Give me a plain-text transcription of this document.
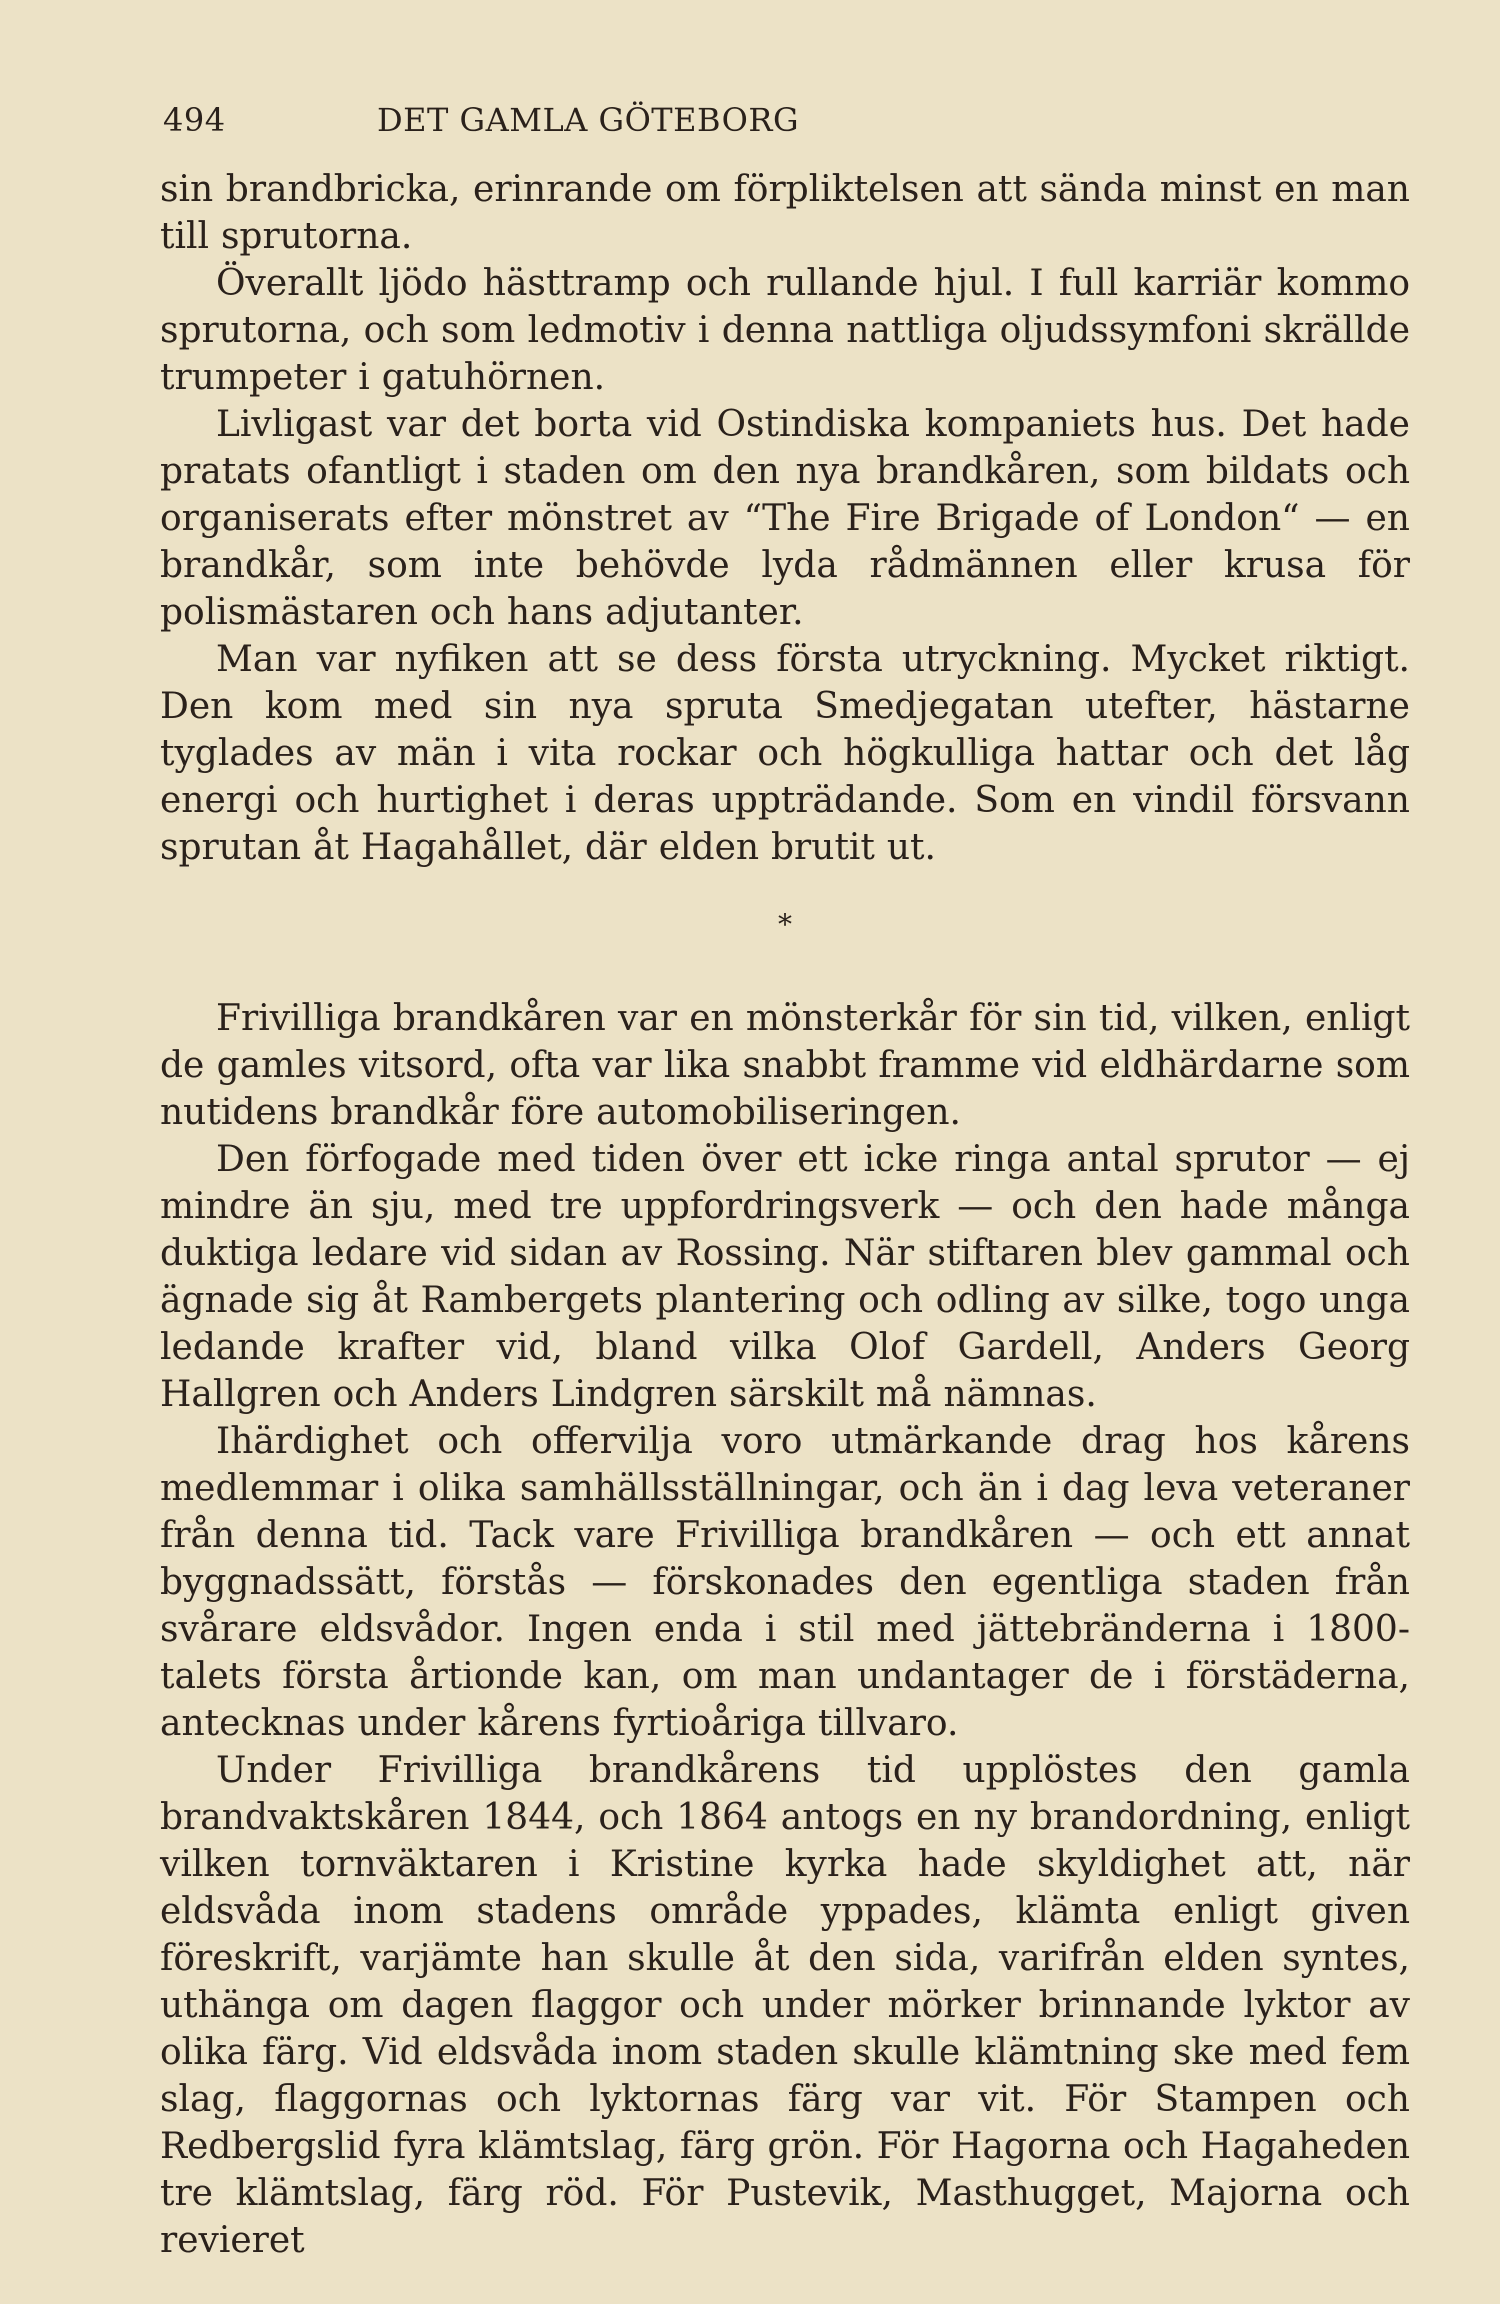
494	DET GAMLA GÖTEBORG

sin brandbricka, erinrande om förpliktelsen att sända minst en man till sprutorna.

Överallt ljödo hästtramp och rullande hjul. I full karriär kommo sprutorna, och som ledmotiv i denna nattliga oljudssymfoni skrällde trumpeter i gatuhörnen.

Livligast var det borta vid Ostindiska kompaniets hus. Det hade pratats ofantligt i staden om den nya brandkåren, som bildats och organiserats efter mönstret av “The Fire Brigade of London“ — en brandkår, som inte behövde lyda rådmännen eller krusa för polismästaren och hans adjutanter.

Man var nyfiken att se dess första utryckning. Mycket riktigt. Den kom med sin nya spruta Smedjegatan utefter, hästarne tyglades av män i vita rockar och högkulliga hattar och det låg energi och hurtighet i deras uppträdande. Som en vindil försvann sprutan åt Hagahållet, där elden brutit ut.

*

Frivilliga brandkåren var en mönsterkår för sin tid, vilken, enligt de gamles vitsord, ofta var lika snabbt framme vid eldhärdarne som nutidens brandkår före automobiliseringen.

Den förfogade med tiden över ett icke ringa antal sprutor — ej mindre än sju, med tre uppfordringsverk — och den hade många duktiga ledare vid sidan av Rossing. När stiftaren blev gammal och ägnade sig åt Rambergets plantering och odling av silke, togo unga ledande krafter vid, bland vilka Olof Gardell, Anders Georg Hallgren och Anders Lindgren särskilt må nämnas.

Ihärdighet och offervilja voro utmärkande drag hos kårens medlemmar i olika samhällsställningar, och än i dag leva veteraner från denna tid. Tack vare Frivilliga brandkåren — och ett annat byggnadssätt, förstås — förskonades den egentliga staden från svårare eldsvådor. Ingen enda i stil med jättebränderna i 1800-talets första årtionde kan, om man undantager de i förstäderna, antecknas under kårens fyrtioåriga tillvaro.

Under Frivilliga brandkårens tid upplöstes den gamla brandvaktskåren 1844, och 1864 antogs en ny brandordning, enligt vilken tornväktaren i Kristine kyrka hade skyldighet att, när eldsvåda inom stadens område yppades, klämta enligt given föreskrift, varjämte han skulle åt den sida, varifrån elden syntes, uthänga om dagen flaggor och under mörker brinnande lyktor av olika färg. Vid eldsvåda inom staden skulle klämtning ske med fem slag, flaggornas och lyktornas färg var vit. För Stampen och Redbergslid fyra klämtslag, färg grön. För Hagorna och Hagaheden tre klämtslag, färg röd. För Pustevik, Masthugget, Majorna och revieret
